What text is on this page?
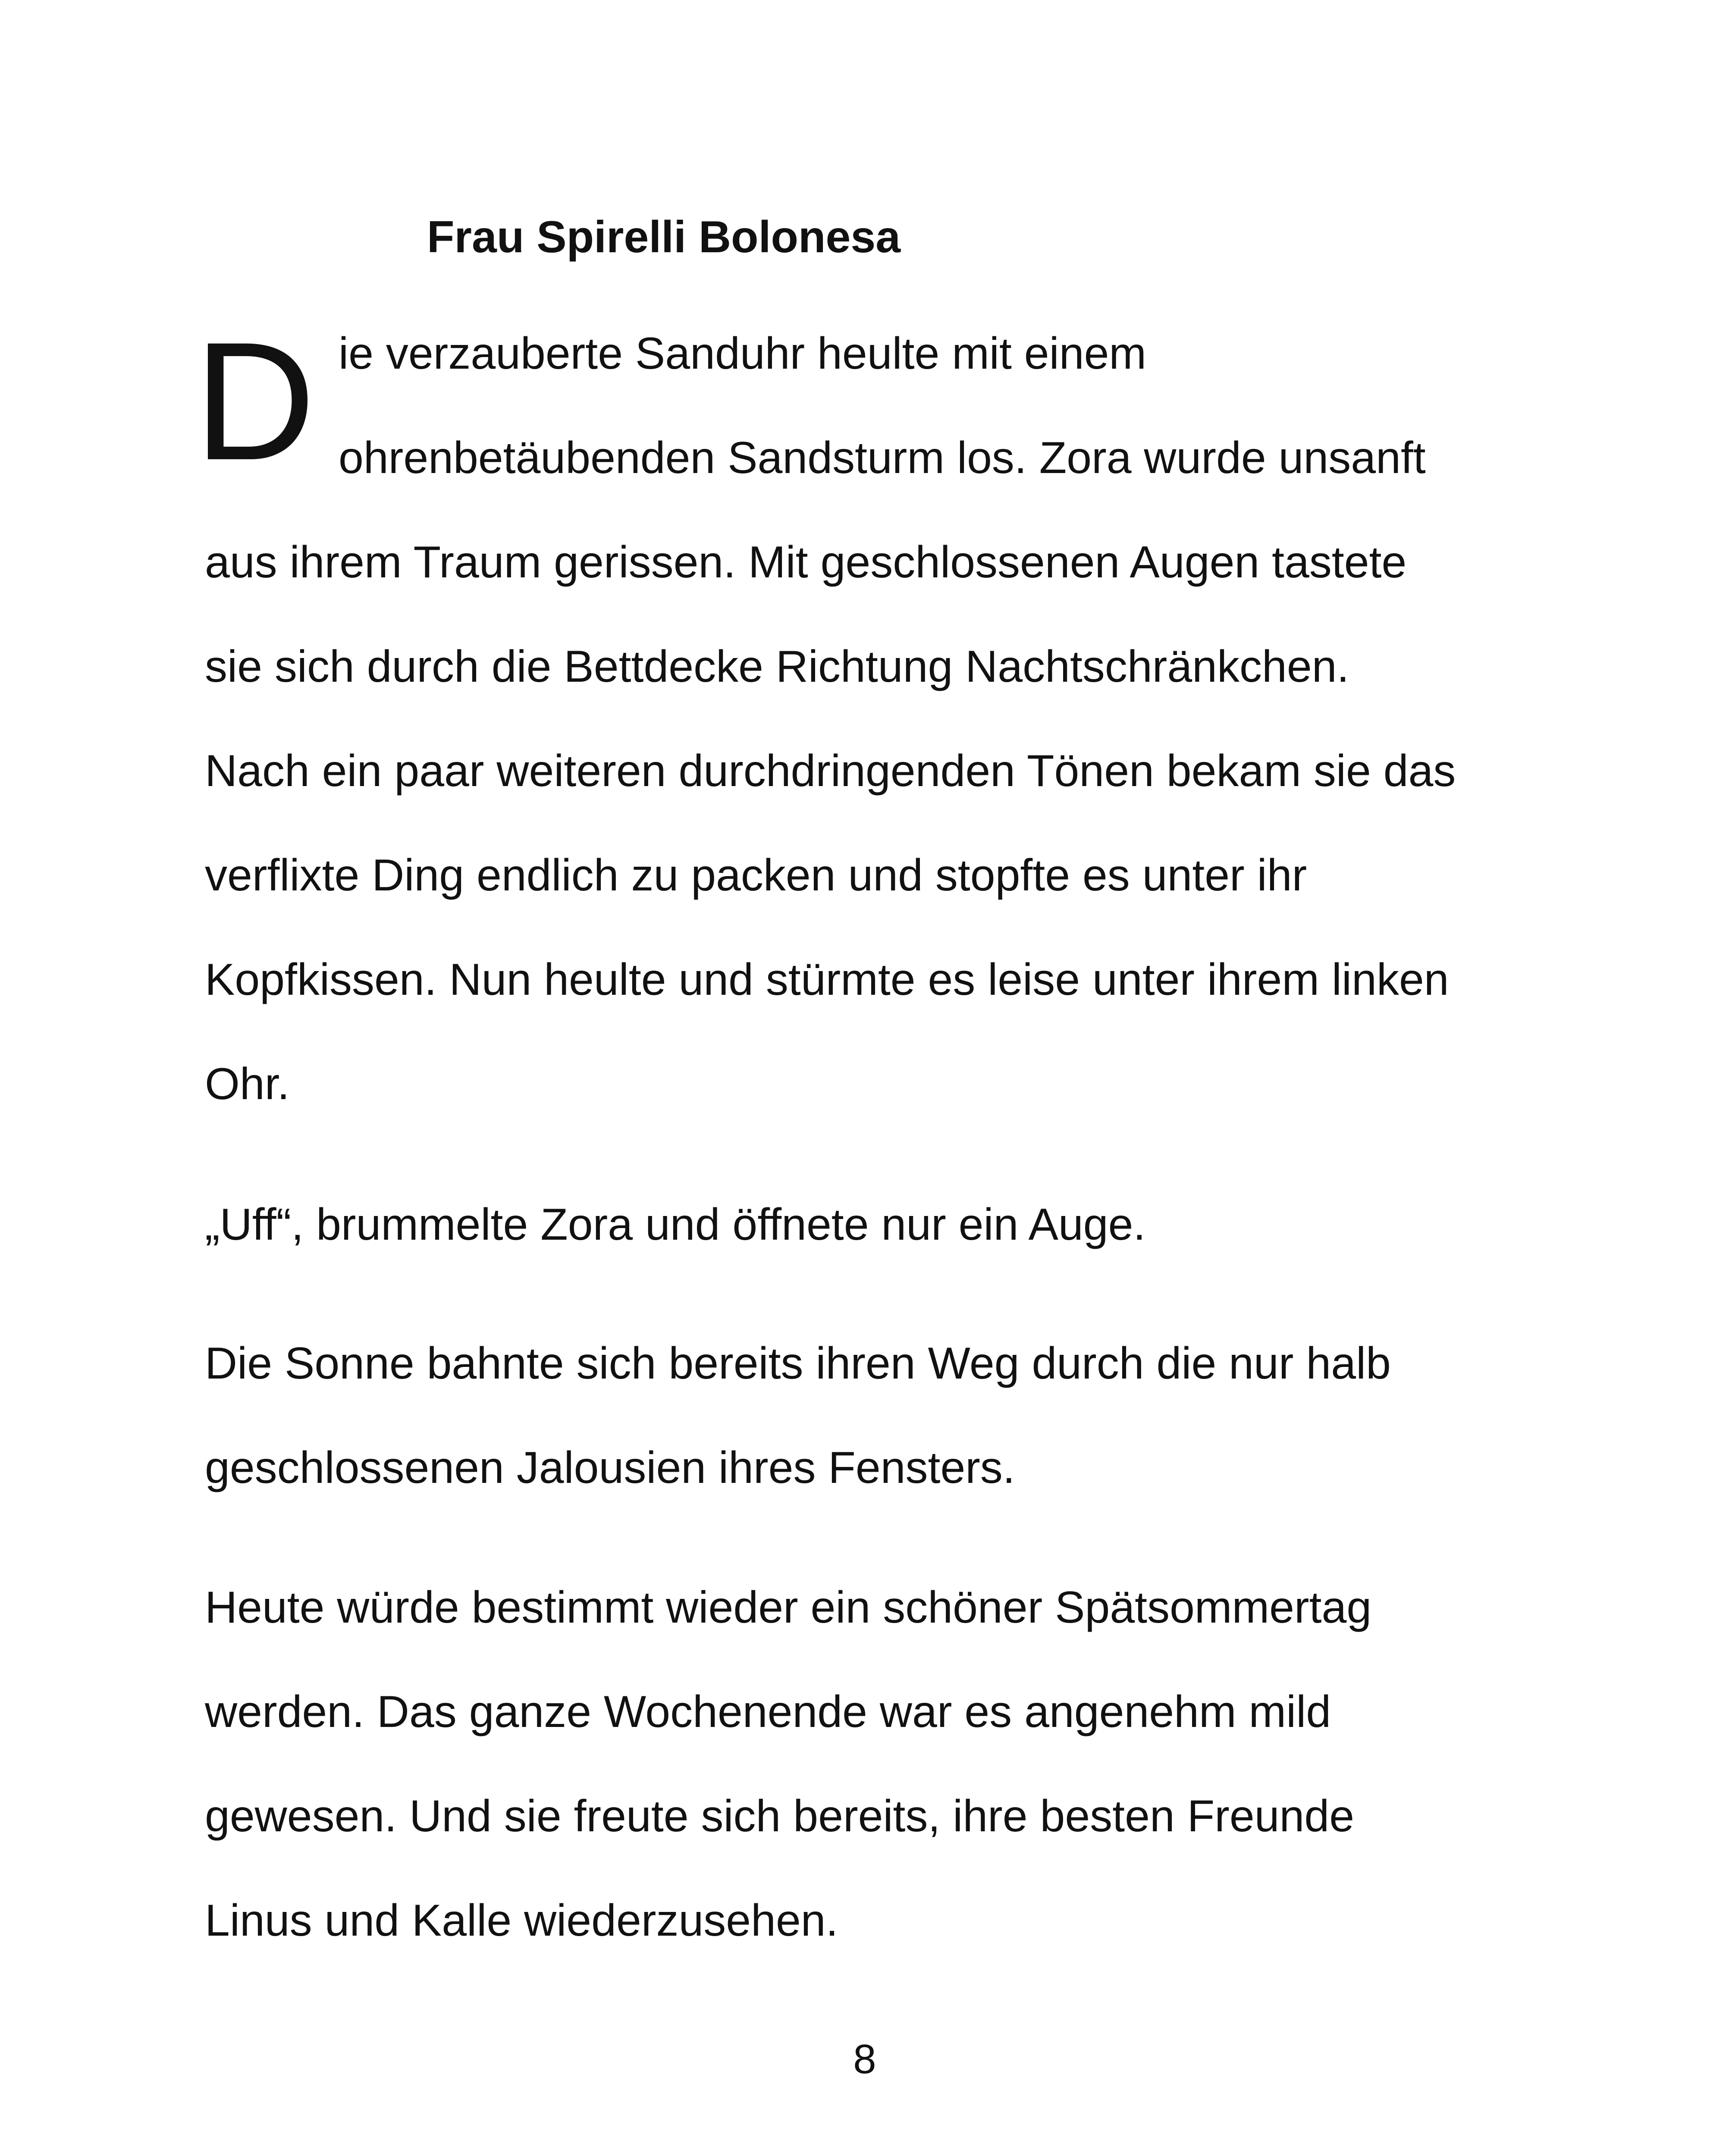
Frau Spirelli Bolonesa
D ie verzauberte Sanduhr heulte mit einem
ohrenbetäubenden Sandsturm los. Zora wurde unsanft
aus ihrem Traum gerissen. Mit geschlossenen Augen tastete
sie sich durch die Bettdecke Richtung Nachtschränkchen.
Nach ein paar weiteren durchdringenden Tönen bekam sie das
verflixte Ding endlich zu packen und stopfte es unter ihr
Kopfkissen. Nun heulte und stürmte es leise unter ihrem linken
Ohr.
„Uff“, brummelte Zora und öffnete nur ein Auge.
Die Sonne bahnte sich bereits ihren Weg durch die nur halb
geschlossenen Jalousien ihres Fensters.
Heute würde bestimmt wieder ein schöner Spätsommertag
werden. Das ganze Wochenende war es angenehm mild
gewesen. Und sie freute sich bereits, ihre besten Freunde
Linus und Kalle wiederzusehen.
8
